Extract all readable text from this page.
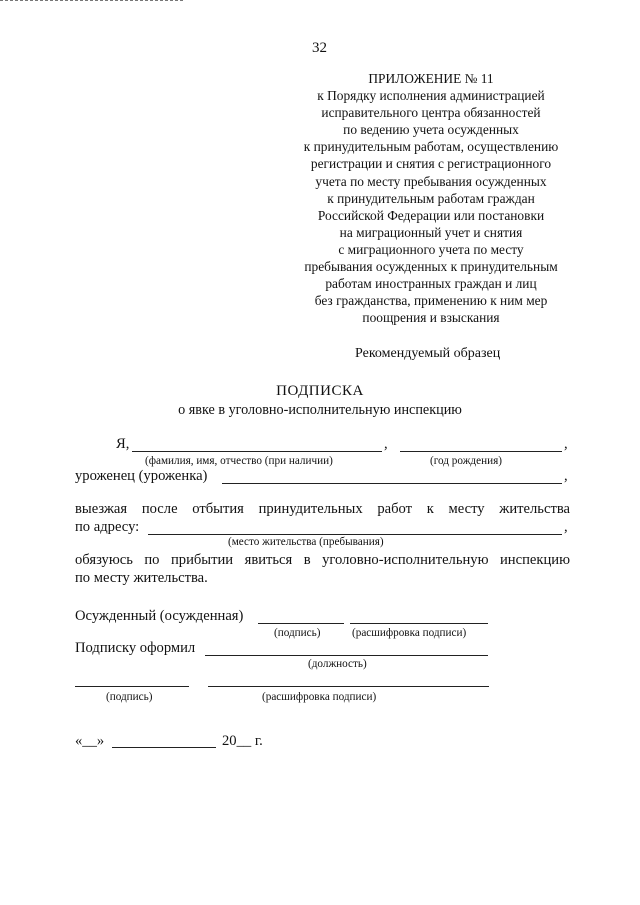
32
ПРИЛОЖЕНИЕ № 11
к Порядку исполнения администрацией
исправительного центра обязанностей
по ведению учета осужденных
к принудительным работам, осуществлению
регистрации и снятия с регистрационного
учета по месту пребывания осужденных
к принудительным работам граждан
Российской Федерации или постановки
на миграционный учет и снятия
с миграционного учета по месту
пребывания осужденных к принудительным
работам иностранных граждан и лиц
без гражданства, применению к ним мер
поощрения и взыскания
Рекомендуемый образец
ПОДПИСКА
о явке в уголовно-исполнительную инспекцию
Я,	,	,
(фамилия, имя, отчество (при наличии)	(год рождения)
уроженец (уроженка)	,
выезжая после отбытия принудительных работ к месту жительства
по адресу:	,
(место жительства (пребывания)
обязуюсь по прибытии явиться в уголовно-исполнительную инспекцию
по месту жительства.
Осужденный (осужденная)
(подпись)	(расшифровка подписи)
Подписку оформил
(должность)
(подпись)	(расшифровка подписи)
«__»	20__ г.
